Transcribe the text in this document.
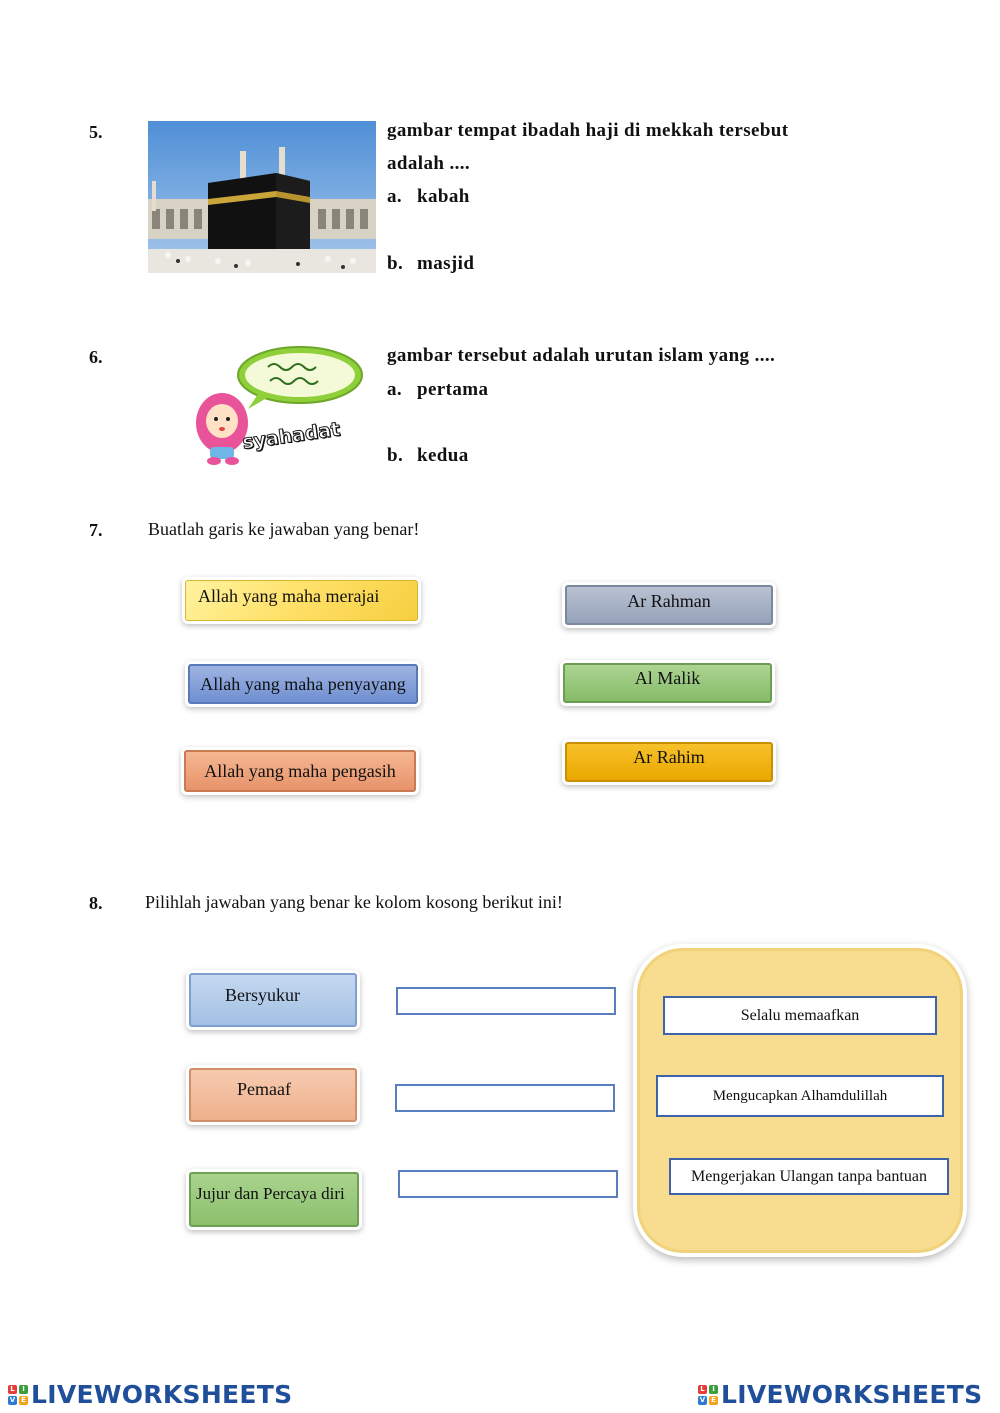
5.	gambar tempat ibadah haji di mekkah tersebut
adalah ....
a. kabah
b. masjid
6.
syahadat
gambar tersebut adalah urutan islam yang ....
a. pertama
b. kedua
7.	Buatlah garis ke jawaban yang benar!
Allah yang maha merajai
Allah yang maha penyayang
Allah yang maha pengasih
Ar Rahman
Al Malik
Ar Rahim
8. Pilihlah jawaban yang benar ke kolom kosong berikut ini!
Bersyukur
Pemaaf
Jujur dan Percaya diri
Selalu memaafkan
Mengucapkan Alhamdulillah
Mengerjakan Ulangan tanpa bantuan
L	I
V E LIVEWORKSHEETS	L	I
V E LIVEWORKSHEETS
